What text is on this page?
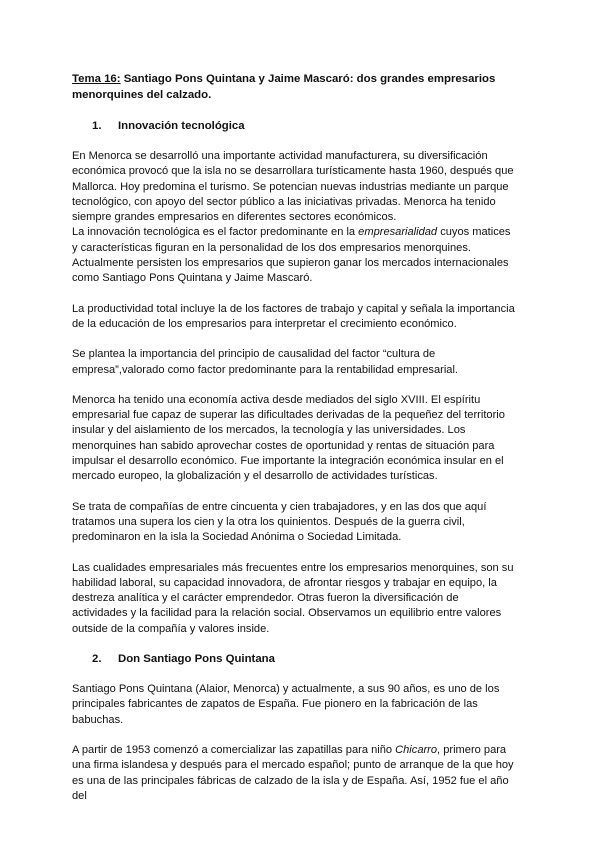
Tema 16: Santiago Pons Quintana y Jaime Mascaró: dos grandes empresarios menorquines del calzado.
1. Innovación tecnológica

En Menorca se desarrolló una importante actividad manufacturera, su diversificación económica provocó que la isla no se desarrollara turísticamente hasta 1960, después que Mallorca. Hoy predomina el turismo. Se potencian nuevas industrias mediante un parque tecnológico, con apoyo del sector público a las iniciativas privadas. Menorca ha tenido siempre grandes empresarios en diferentes sectores económicos.

La innovación tecnológica es el factor predominante en la empresarialidad cuyos matices y características figuran en la personalidad de los dos empresarios menorquines. Actualmente persisten los empresarios que supieron ganar los mercados internacionales como Santiago Pons Quintana y Jaime Mascaró.

La productividad total incluye la de los factores de trabajo y capital y señala la importancia de la educación de los empresarios para interpretar el crecimiento económico.

Se plantea la importancia del principio de causalidad del factor “cultura de empresa”,valorado como factor predominante para la rentabilidad empresarial.

Menorca ha tenido una economía activa desde mediados del siglo XVIII. El espíritu empresarial fue capaz de superar las dificultades derivadas de la pequeñez del territorio insular y del aislamiento de los mercados, la tecnología y las universidades. Los menorquines han sabido aprovechar costes de oportunidad y rentas de situación para impulsar el desarrollo económico. Fue importante la integración económica insular en el mercado europeo, la globalización y el desarrollo de actividades turísticas.

Se trata de compañías de entre cincuenta y cien trabajadores, y en las dos que aquí tratamos una supera los cien y la otra los quinientos. Después de la guerra civil, predominaron en la isla la Sociedad Anónima o Sociedad Limitada.

Las cualidades empresariales más frecuentes entre los empresarios menorquines, son su habilidad laboral, su capacidad innovadora, de afrontar riesgos y trabajar en equipo, la destreza analítica y el carácter emprendedor. Otras fueron la diversificación de actividades y la facilidad para la relación social. Observamos un equilibrio entre valores outside de la compañía y valores inside.

2. Don Santiago Pons Quintana

Santiago Pons Quintana (Alaior, Menorca) y actualmente, a sus 90 años, es uno de los principales fabricantes de zapatos de España. Fue pionero en la fabricación de las babuchas.

A partir de 1953 comenzó a comercializar las zapatillas para niño Chicarro, primero para una firma islandesa y después para el mercado español; punto de arranque de la que hoy es una de las principales fábricas de calzado de la isla y de España. Así, 1952 fue el año del
